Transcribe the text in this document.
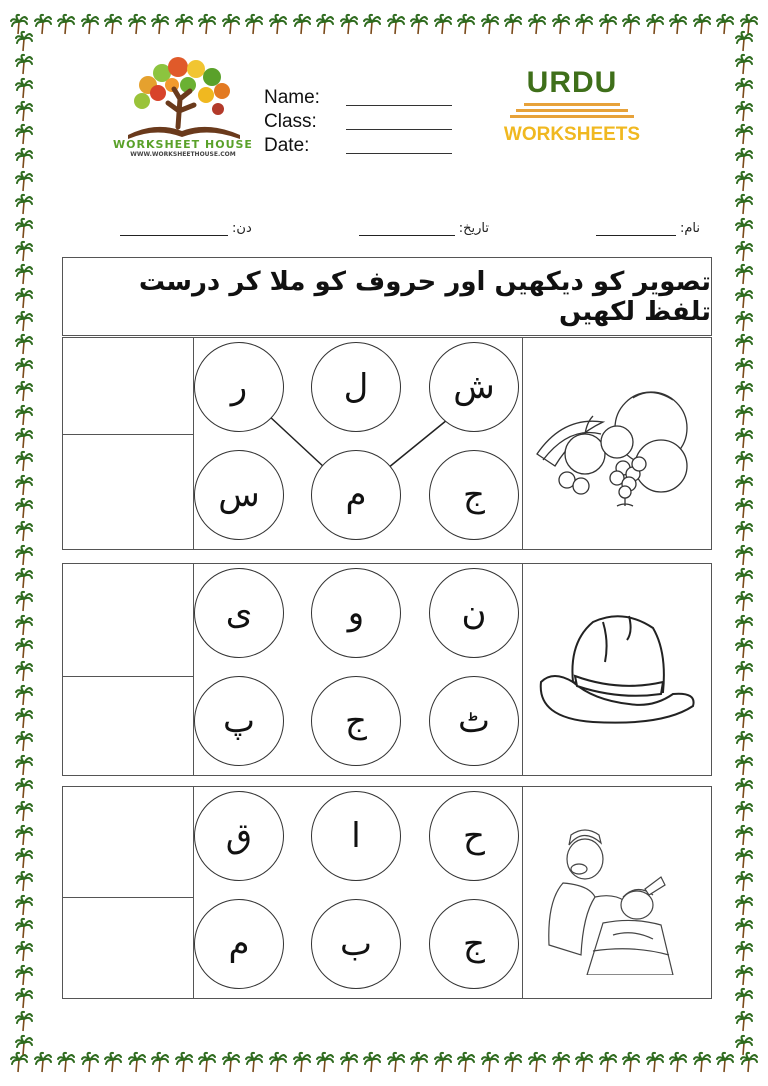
WORKSHEET HOUSE
WWW.WORKSHEETHOUSE.COM
Name:
Class:
Date:
URDU
WORKSHEETS
نام:
تاریخ:
دن:
تصویر کو دیکھیں اور حروف کو ملا کر درست تلفظ لکھیں
ر	ل	ش
س	م	ج
ی	و	ن
پ	ج	ٹ
ق	ا	ح
م	ب	ج
